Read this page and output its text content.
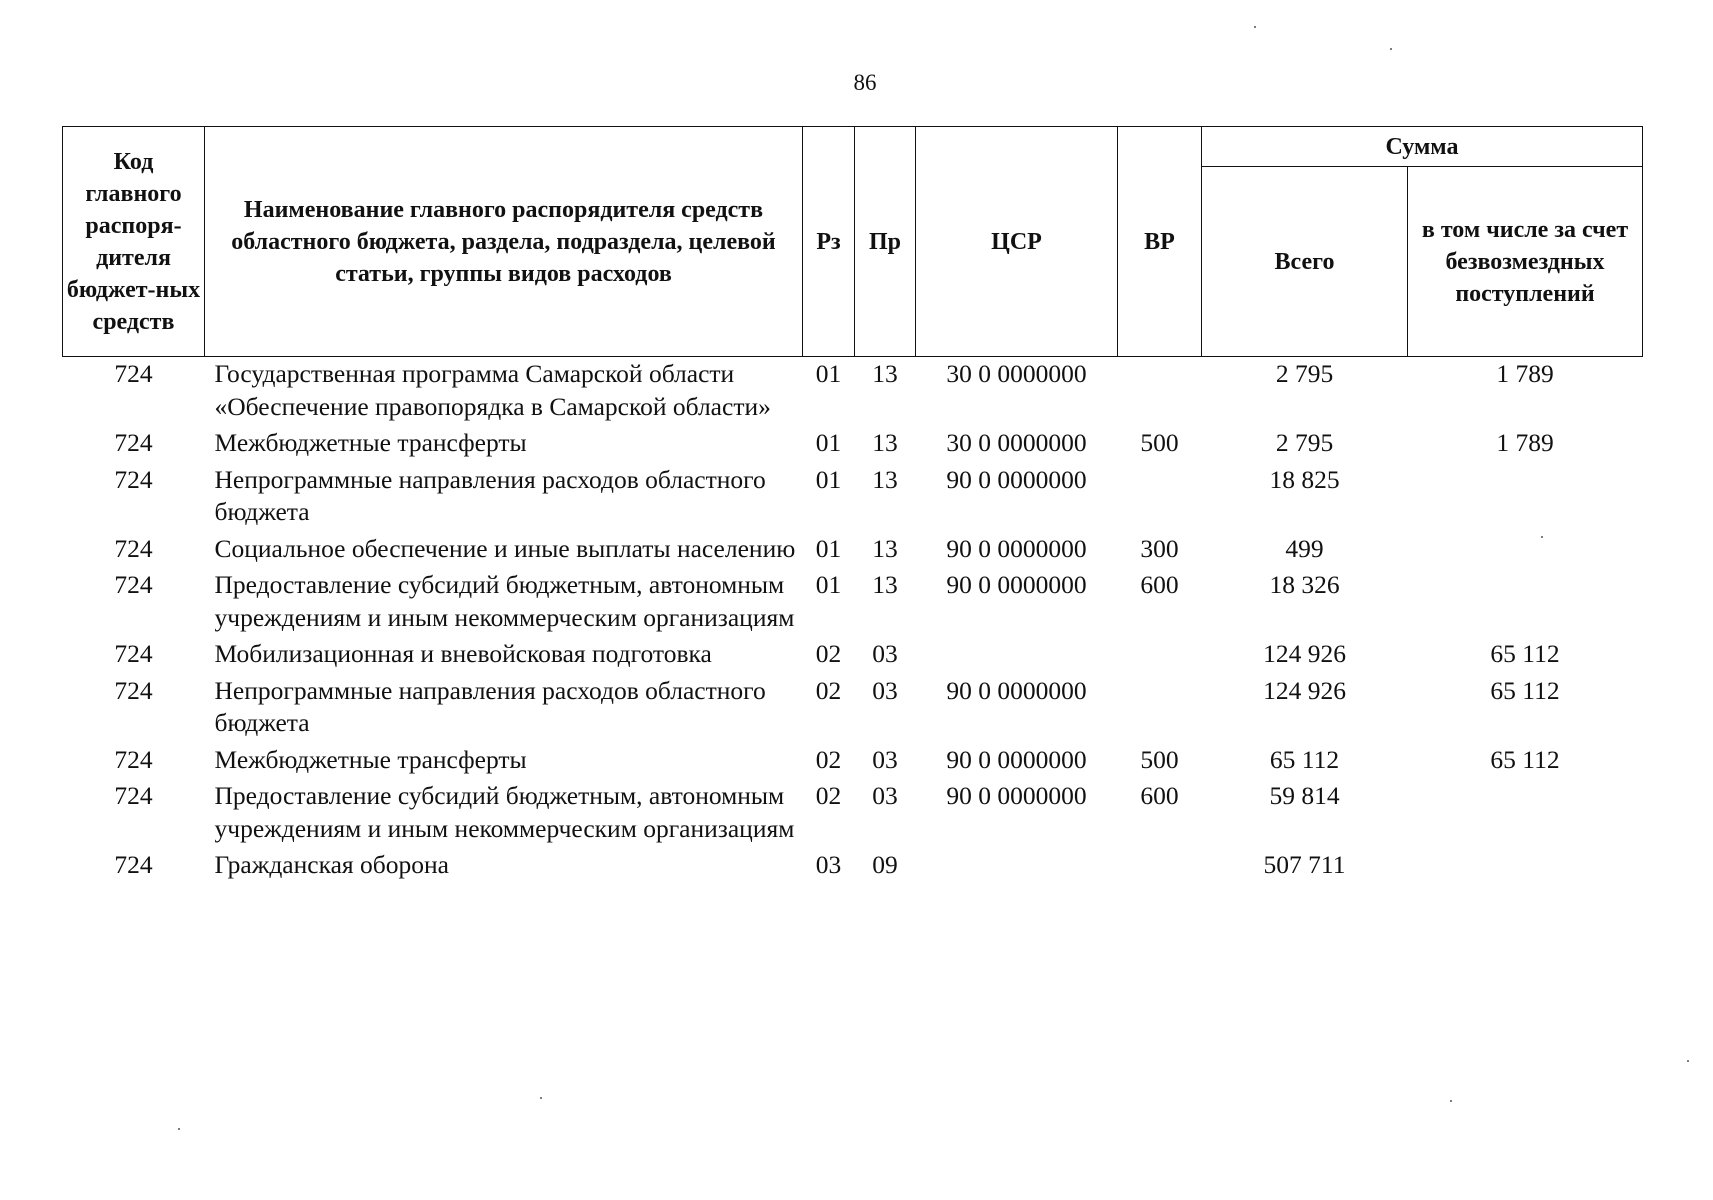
86
Код главного распоря-дителя бюджет-ных средств	Наименование главного распорядителя средств областного бюджета, раздела, подраздела, целевой статьи, группы видов расходов	Рз	Пр	ЦСР	ВР	Сумма	
						Всего	в том числе за счет безвозмездных поступлений
724	Государственная программа Самарской области «Обеспечение правопорядка в Самарской области»	01	13	30 0 0000000		2 795	1 789
724	Межбюджетные трансферты	01	13	30 0 0000000	500	2 795	1 789
724	Непрограммные направления расходов областного бюджета	01	13	90 0 0000000		18 825	
724	Социальное обеспечение и иные выплаты населению	01	13	90 0 0000000	300	499	
724	Предоставление субсидий бюджетным, автономным учреждениям и иным некоммерческим организациям	01	13	90 0 0000000	600	18 326	
724	Мобилизационная и вневойсковая подготовка	02	03			124 926	65 112
724	Непрограммные направления расходов областного бюджета	02	03	90 0 0000000		124 926	65 112
724	Межбюджетные трансферты	02	03	90 0 0000000	500	65 112	65 112
724	Предоставление субсидий бюджетным, автономным учреждениям и иным некоммерческим организациям	02	03	90 0 0000000	600	59 814	
724	Гражданская оборона	03	09			507 711	
